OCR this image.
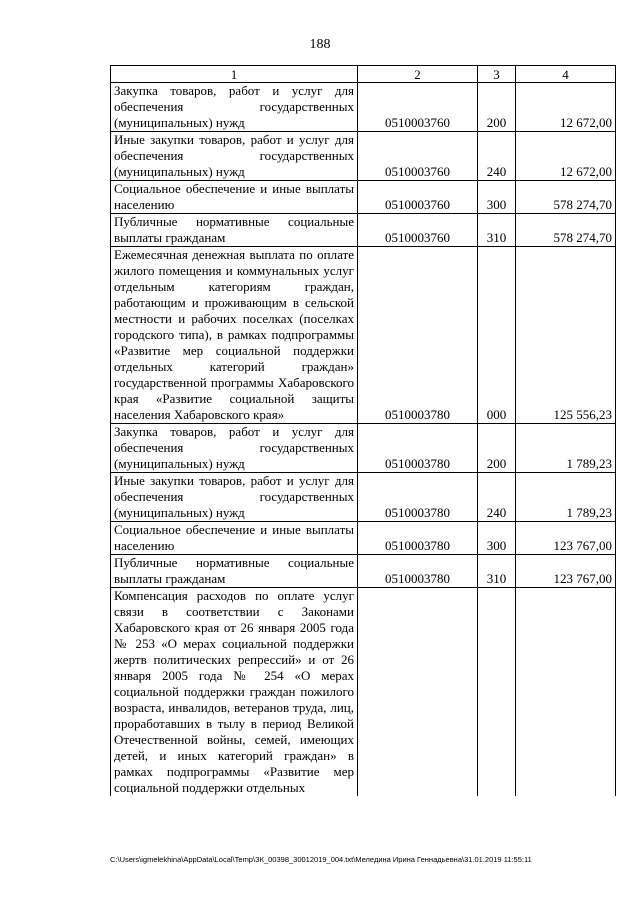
188
1	2	3	4
Закупка товаров, работ и услуг для обеспечения государственных (муниципальных) нужд	0510003760	200	12 672,00
Иные закупки товаров, работ и услуг для обеспечения государственных (муниципальных) нужд	0510003760	240	12 672,00
Социальное обеспечение и иные выплаты населению	0510003760	300	578 274,70
Публичные нормативные социальные выплаты гражданам	0510003760	310	578 274,70
Ежемесячная денежная выплата по оплате жилого помещения и коммунальных услуг отдельным категориям граждан, работающим и проживающим в сельской местности и рабочих поселках (поселках городского типа), в рамках подпрограммы «Развитие мер социальной поддержки отдельных категорий граждан» государственной программы Хабаровского края «Развитие социальной защиты населения Хабаровского края»	0510003780	000	125 556,23
Закупка товаров, работ и услуг для обеспечения государственных (муниципальных) нужд	0510003780	200	1 789,23
Иные закупки товаров, работ и услуг для обеспечения государственных (муниципальных) нужд	0510003780	240	1 789,23
Социальное обеспечение и иные выплаты населению	0510003780	300	123 767,00
Публичные нормативные социальные выплаты гражданам	0510003780	310	123 767,00
Компенсация расходов по оплате услуг связи в соответствии с Законами Хабаровского края от 26 января 2005 года № 253 «О мерах социальной поддержки жертв политических репрессий» и от 26 января 2005 года № 254 «О мерах социальной поддержки граждан пожилого возраста, инвалидов, ветеранов труда, лиц, проработавших в тылу в период Великой Отечественной войны, семей, имеющих детей, и иных категорий граждан» в рамках подпрограммы «Развитие мер социальной поддержки отдельных			
C:\Users\igmelekhina\AppData\Local\Temp\ЗК_00398_30012019_004.txt\Меледина Ирина Геннадьевна\31.01.2019 11:55:11
